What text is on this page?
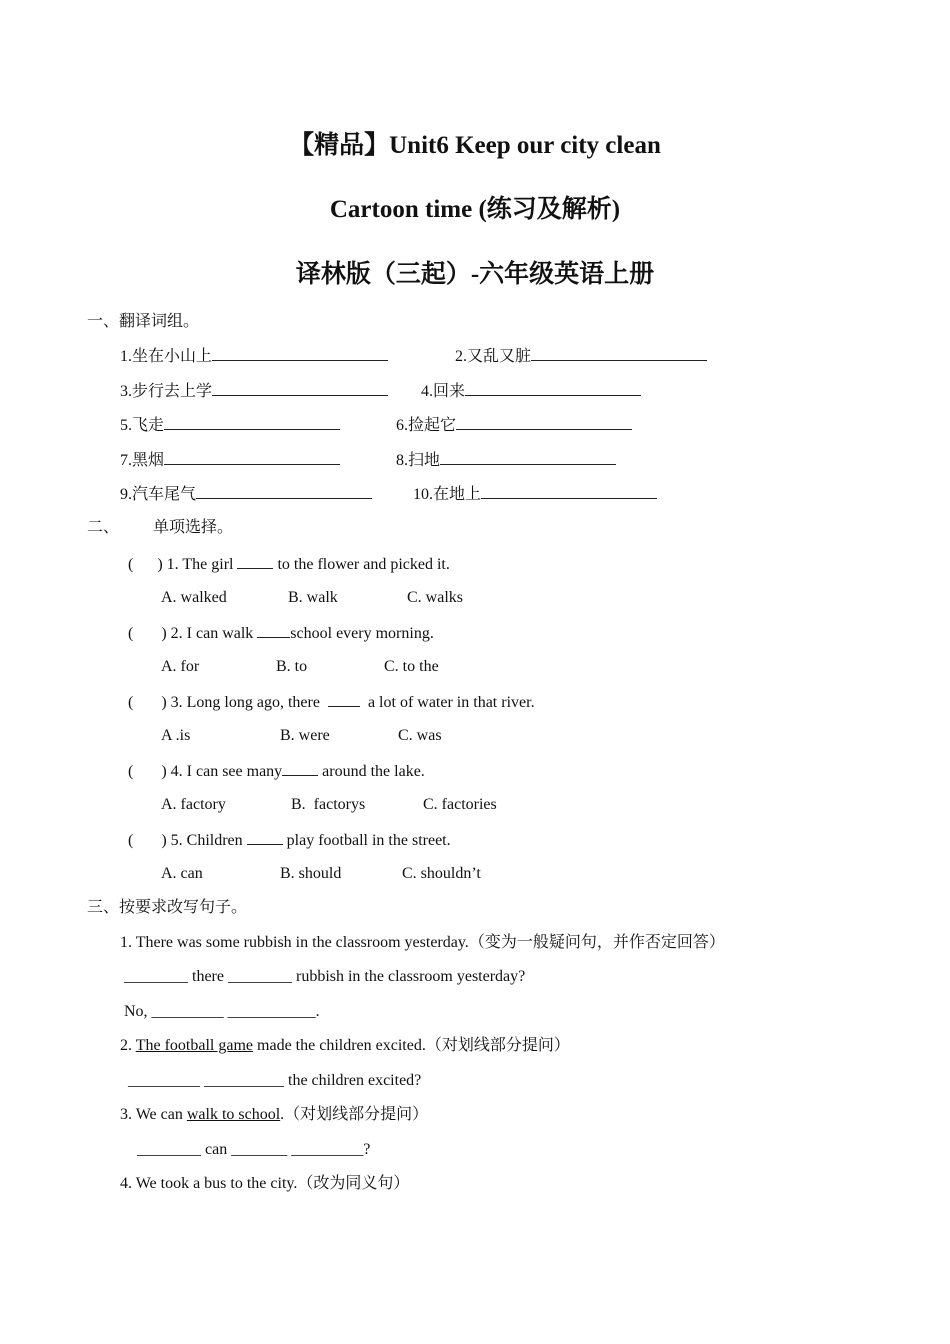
【精品】Unit6 Keep our city clean
Cartoon time (练习及解析)
译林版（三起）-六年级英语上册
一、翻译词组。
1.坐在小山上	2.又乱又脏
3.步行去上学	4.回来
5.飞走	6.捡起它
7.黑烟	8.扫地
9.汽车尾气	10.在地上
二、 单项选择。
(      ) 1. The girl  to the flower and picked it.
A. walked	B. walk	C. walks
(       ) 2. I can walk school every morning.
A. for	B. to	C. to the
(       ) 3. Long long ago, there    a lot of water in that river.
A .is	B. were	C. was
(       ) 4. I can see many around the lake.
A. factory	B.  factorys	C. factories
(       ) 5. Children  play football in the street.
A. can	B. should	C. shouldn’t
三、按要求改写句子。
1. There was some rubbish in the classroom yesterday.（变为一般疑问句，并作否定回答）
________ there ________ rubbish in the classroom yesterday?
No, _________ ___________.
2. The football game made the children excited.（对划线部分提问）
_________ __________ the children excited?
3. We can walk to school.（对划线部分提问）
________ can _______ _________?
4. We took a bus to the city.（改为同义句）
